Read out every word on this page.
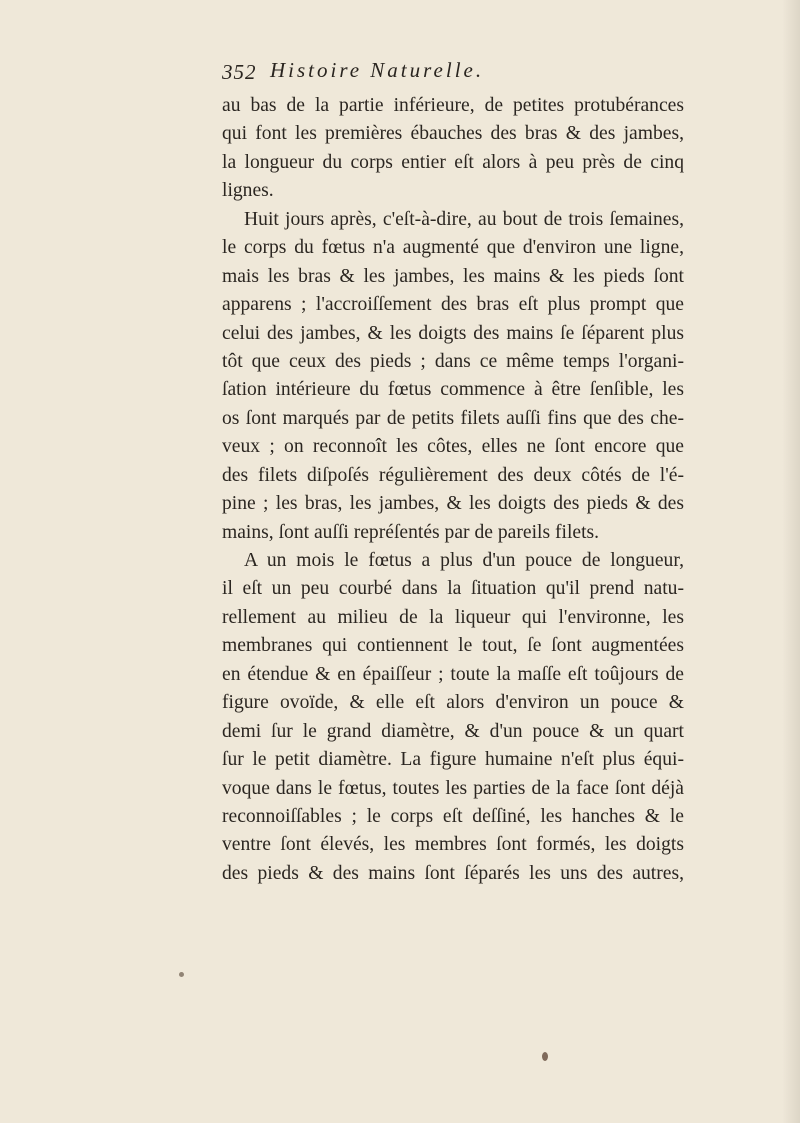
352 Histoire Naturelle.
au bas de la partie inférieure, de petites protubérances
qui font les premières ébauches des bras & des jambes,
la longueur du corps entier eſt alors à peu près de cinq
lignes.
Huit jours après, c'eſt-à-dire, au bout de trois ſemaines,
le corps du fœtus n'a augmenté que d'environ une ligne,
mais les bras & les jambes, les mains & les pieds ſont
apparens ; l'accroiſſement des bras eſt plus prompt que
celui des jambes, & les doigts des mains ſe ſéparent plus
tôt que ceux des pieds ; dans ce même temps l'organi-
ſation intérieure du fœtus commence à être ſenſible, les
os ſont marqués par de petits filets auſſi fins que des che-
veux ; on reconnoît les côtes, elles ne ſont encore que
des filets diſpoſés régulièrement des deux côtés de l'é-
pine ; les bras, les jambes, & les doigts des pieds & des
mains, ſont auſſi repréſentés par de pareils filets.
A un mois le fœtus a plus d'un pouce de longueur,
il eſt un peu courbé dans la ſituation qu'il prend natu-
rellement au milieu de la liqueur qui l'environne, les
membranes qui contiennent le tout, ſe ſont augmentées
en étendue & en épaiſſeur ; toute la maſſe eſt toûjours de
figure ovoïde, & elle eſt alors d'environ un pouce &
demi ſur le grand diamètre, & d'un pouce & un quart
ſur le petit diamètre. La figure humaine n'eſt plus équi-
voque dans le fœtus, toutes les parties de la face ſont déjà
reconnoiſſables ; le corps eſt deſſiné, les hanches & le
ventre ſont élevés, les membres ſont formés, les doigts
des pieds & des mains ſont ſéparés les uns des autres,
